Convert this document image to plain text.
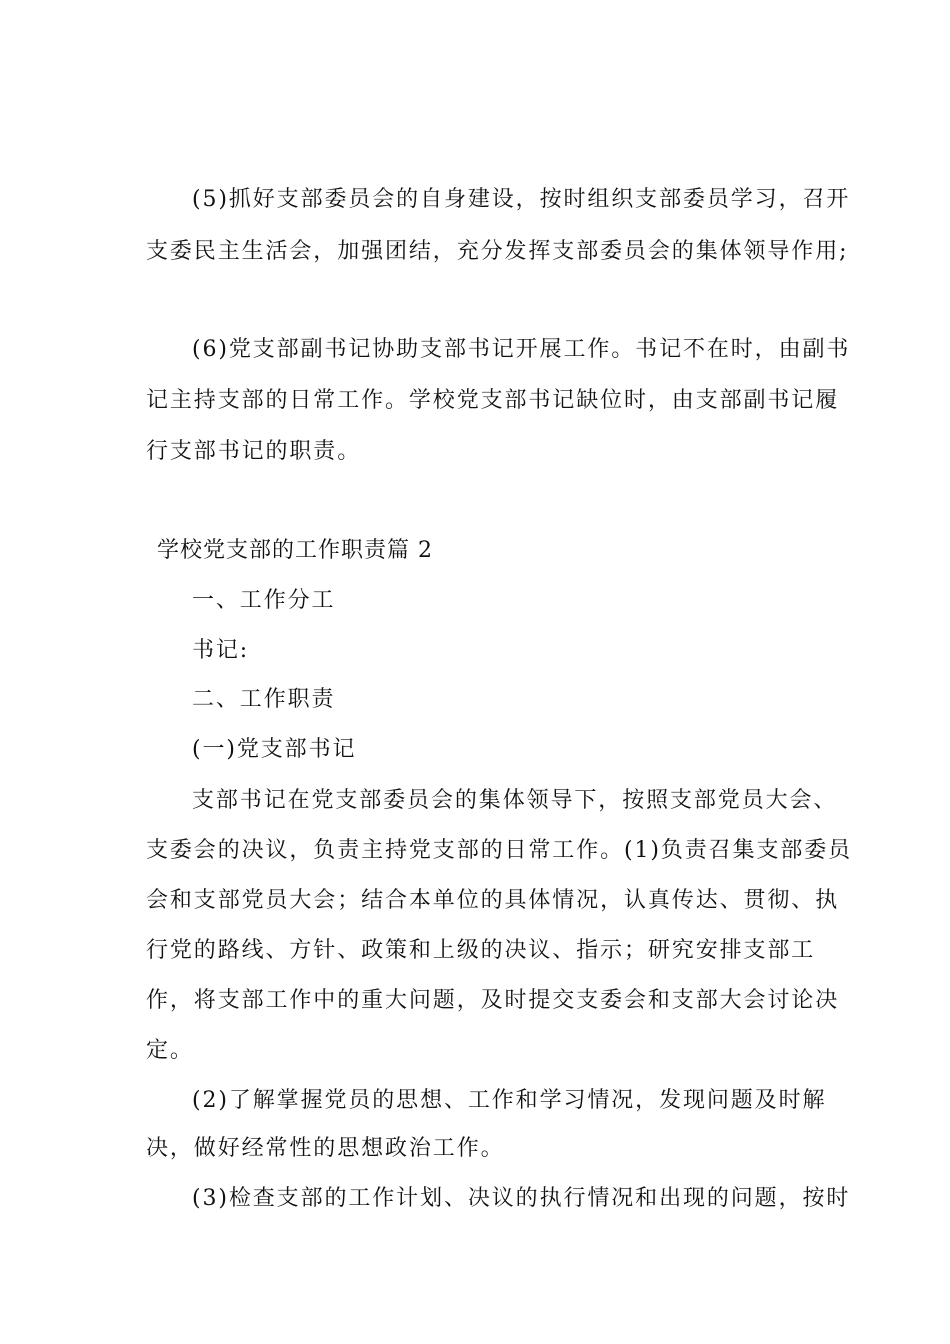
(5)抓好支部委员会的自身建设，按时组织支部委员学习，召开
支委民主生活会，加强团结，充分发挥支部委员会的集体领导作用;
(6)党支部副书记协助支部书记开展工作。书记不在时，由副书
记主持支部的日常工作。学校党支部书记缺位时，由支部副书记履
行支部书记的职责。
学校党支部的工作职责篇 2
一、工作分工
书记:
二、工作职责
(一)党支部书记
支部书记在党支部委员会的集体领导下，按照支部党员大会、
支委会的决议，负责主持党支部的日常工作。(1)负责召集支部委员
会和支部党员大会；结合本单位的具体情况，认真传达、贯彻、执
行党的路线、方针、政策和上级的决议、指示；研究安排支部工
作，将支部工作中的重大问题，及时提交支委会和支部大会讨论决
定。
(2)了解掌握党员的思想、工作和学习情况，发现问题及时解
决，做好经常性的思想政治工作。
(3)检查支部的工作计划、决议的执行情况和出现的问题，按时
